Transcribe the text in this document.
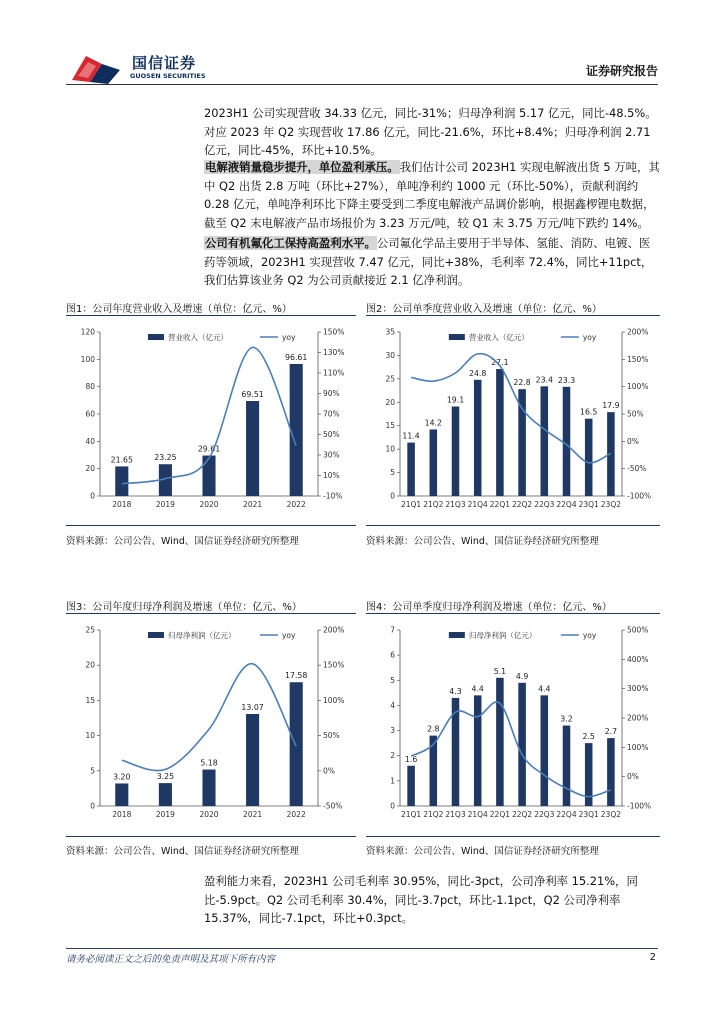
国信证券
GUOSEN SECURITIES	证券研究报告
2023H1 公司实现营收 34.33 亿元，同比-31%；归母净利润 5.17 亿元，同比-48.5%。对应 2023 年 Q2 实现营收 17.86 亿元，同比-21.6%，环比+8.4%；归母净利润 2.71 亿元，同比-45%，环比+10.5%。
电解液销量稳步提升，单位盈利承压。我们估计公司 2023H1 实现电解液出货 5 万吨，其中 Q2 出货 2.8 万吨（环比+27%），单吨净利约 1000 元（环比-50%），贡献利润约 0.28 亿元，单吨净利环比下降主要受到二季度电解液产品调价影响，根据鑫椤锂电数据，截至 Q2 末电解液产品市场报价为 3.23 万元/吨，较 Q1 末 3.75 万元/吨下跌约 14%。
公司有机氟化工保持高盈利水平。公司氟化学品主要用于半导体、氢能、消防、电镀、医药等领域，2023H1 实现营收 7.47 亿元，同比+38%，毛利率 72.4%，同比+11pct，我们估算该业务 Q2 为公司贡献接近 2.1 亿净利润。
图1：公司年度营业收入及增速（单位：亿元、%）	图2：公司单季度营业收入及增速（单位：亿元、%）
0
20
40
60
80
100
120
-10%
10%
30%
50%
70%
90%
110%
130%
150%
21.65
2018
23.25
2019
29.61
2020
69.51
2021
96.61
2022
营业收入（亿元）	yoy
0
5
10
15
20
25
30
35
-100%
-50%
0%
50%
100%
150%
200%
11.4
21Q1
14.2
21Q2
19.1
21Q3
24.8
21Q4
27.1
22Q1
22.8
22Q2
23.4
22Q3
23.3
22Q4
16.5
23Q1
17.9
23Q2
营业收入（亿元）	yoy
资料来源：公司公告、Wind、国信证券经济研究所整理	资料来源：公司公告、Wind、国信证券经济研究所整理
图3：公司年度归母净利润及增速（单位：亿元、%）	图4：公司单季度归母净利润及增速（单位：亿元、%）
0
5
10
15
20
25
-50%
0%
50%
100%
150%
200%
3.20
2018
3.25
2019
5.18
2020
13.07
2021
17.58
2022
归母净利润（亿元）	yoy
0
1
2
3
4
5
6
7
-100%
0%
100%
200%
300%
400%
500%
1.6
21Q1
2.8
21Q2
4.3
21Q3
4.4
21Q4
5.1
22Q1
4.9
22Q2
4.4
22Q3
3.2
22Q4
2.5
23Q1
2.7
23Q2
归母净利润（亿元）	yoy
资料来源：公司公告、Wind、国信证券经济研究所整理	资料来源：公司公告、Wind、国信证券经济研究所整理
盈利能力来看，2023H1 公司毛利率 30.95%，同比-3pct，公司净利率 15.21%，同比-5.9pct。Q2 公司毛利率 30.4%，同比-3.7pct，环比-1.1pct，Q2 公司净利率 15.37%，同比-7.1pct，环比+0.3pct。
请务必阅读正文之后的免责声明及其项下所有内容	2
